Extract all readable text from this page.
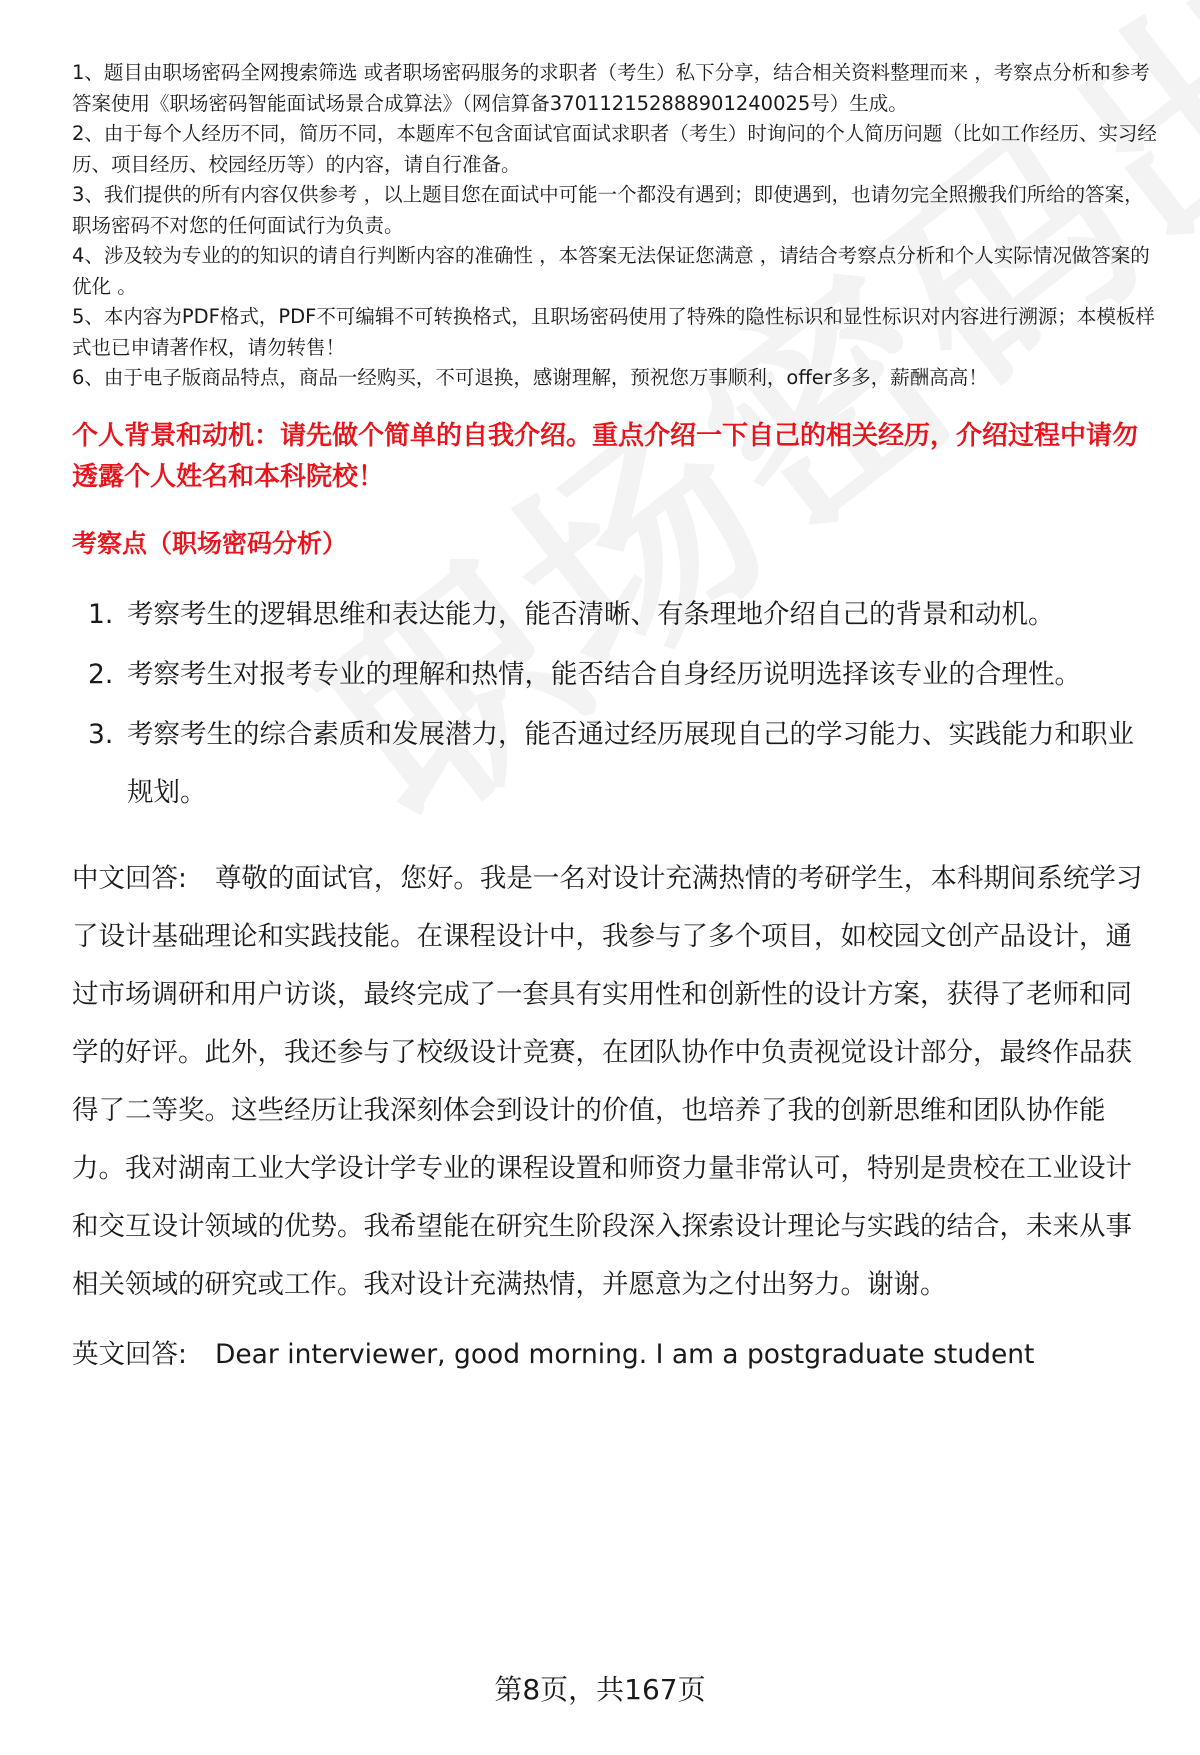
1、题目由职场密码全网搜索筛选 或者职场密码服务的求职者（考生）私下分享，结合相关资料整理而来 ，考察点分析和参考答案使用《职场密码智能面试场景合成算法》（网信算备370112152888901240025号）生成。
2、由于每个人经历不同，简历不同，本题库不包含面试官面试求职者（考生）时询问的个人简历问题（比如工作经历、实习经历、项目经历、校园经历等）的内容，请自行准备。
3、我们提供的所有内容仅供参考 ，以上题目您在面试中可能一个都没有遇到；即使遇到，也请勿完全照搬我们所给的答案，职场密码不对您的任何面试行为负责。
4、涉及较为专业的的知识的请自行判断内容的准确性 ，本答案无法保证您满意 ，请结合考察点分析和个人实际情况做答案的优化 。
5、本内容为PDF格式，PDF不可编辑不可转换格式，且职场密码使用了特殊的隐性标识和显性标识对内容进行溯源；本模板样式也已申请著作权，请勿转售！
6、由于电子版商品特点，商品一经购买，不可退换，感谢理解，预祝您万事顺利，offer多多，薪酬高高！
个人背景和动机：请先做个简单的自我介绍。重点介绍一下自己的相关经历，介绍过程中请勿透露个人姓名和本科院校！
考察点（职场密码分析）
1. 考察考生的逻辑思维和表达能力，能否清晰、有条理地介绍自己的背景和动机。
2. 考察考生对报考专业的理解和热情，能否结合自身经历说明选择该专业的合理性。
3. 考察考生的综合素质和发展潜力，能否通过经历展现自己的学习能力、实践能力和职业规划。

中文回答: 尊敬的面试官，您好。我是一名对设计充满热情的考研学生，本科期间系统学习了设计基础理论和实践技能。在课程设计中，我参与了多个项目，如校园文创产品设计，通过市场调研和用户访谈，最终完成了一套具有实用性和创新性的设计方案，获得了老师和同学的好评。此外，我还参与了校级设计竞赛，在团队协作中负责视觉设计部分，最终作品获得了二等奖。这些经历让我深刻体会到设计的价值，也培养了我的创新思维和团队协作能力。我对湖南工业大学设计学专业的课程设置和师资力量非常认可，特别是贵校在工业设计和交互设计领域的优势。我希望能在研究生阶段深入探索设计理论与实践的结合，未来从事相关领域的研究或工作。我对设计充满热情，并愿意为之付出努力。谢谢。

英文回答: Dear interviewer, good morning. I am a postgraduate student

第8页，共167页
